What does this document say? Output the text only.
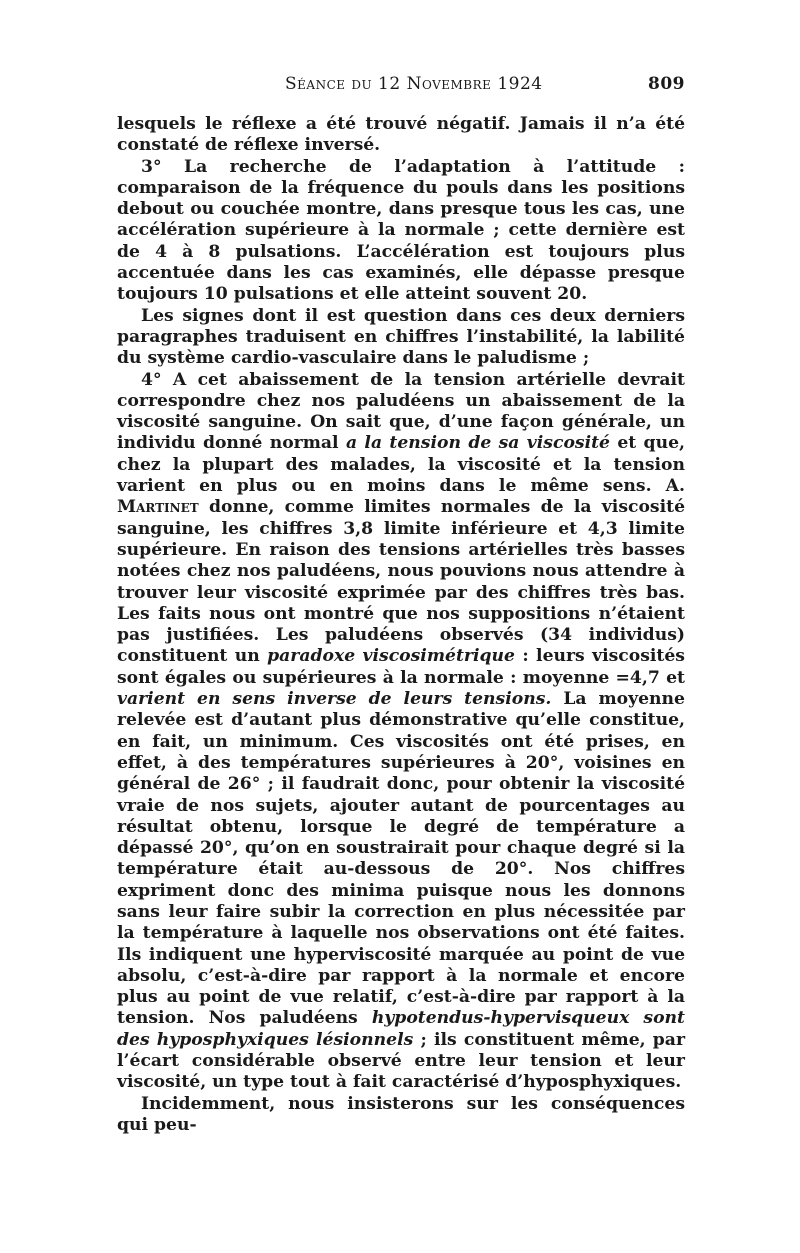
Séance du 12 Novembre 1924	809

lesquels le réflexe a été trouvé négatif. Jamais il n’a été constaté de réflexe inversé.

3° La recherche de l’adaptation à l’attitude : comparaison de la fréquence du pouls dans les positions debout ou couchée montre, dans presque tous les cas, une accélération supérieure à la normale ; cette dernière est de 4 à 8 pulsations. L’accélération est toujours plus accentuée dans les cas examinés, elle dépasse presque toujours 10 pulsations et elle atteint souvent 20.

Les signes dont il est question dans ces deux derniers paragraphes traduisent en chiffres l’instabilité, la labilité du système cardio-vasculaire dans le paludisme ;

4° A cet abaissement de la tension artérielle devrait correspondre chez nos paludéens un abaissement de la viscosité sanguine. On sait que, d’une façon générale, un individu donné normal a la tension de sa viscosité et que, chez la plupart des malades, la viscosité et la tension varient en plus ou en moins dans le même sens. A. Martinet donne, comme limites normales de la viscosité sanguine, les chiffres 3,8 limite inférieure et 4,3 limite supérieure. En raison des tensions artérielles très basses notées chez nos paludéens, nous pouvions nous attendre à trouver leur viscosité exprimée par des chiffres très bas. Les faits nous ont montré que nos suppositions n’étaient pas justifiées. Les paludéens observés (34 individus) constituent un paradoxe viscosimétrique : leurs viscosités sont égales ou supérieures à la normale : moyenne =4,7 et varient en sens inverse de leurs tensions. La moyenne relevée est d’autant plus démonstrative qu’elle constitue, en fait, un minimum. Ces viscosités ont été prises, en effet, à des températures supérieures à 20°, voisines en général de 26° ; il faudrait donc, pour obtenir la viscosité vraie de nos sujets, ajouter autant de pourcentages au résultat obtenu, lorsque le degré de température a dépassé 20°, qu’on en soustrairait pour chaque degré si la température était au-dessous de 20°. Nos chiffres expriment donc des minima puisque nous les donnons sans leur faire subir la correction en plus nécessitée par la température à laquelle nos observations ont été faites. Ils indiquent une hyperviscosité marquée au point de vue absolu, c’est-à-dire par rapport à la normale et encore plus au point de vue relatif, c’est-à-dire par rapport à la tension. Nos paludéens hypotendus-hypervisqueux sont des hyposphyxiques lésionnels ; ils constituent même, par l’écart considérable observé entre leur tension et leur viscosité, un type tout à fait caractérisé d’hyposphyxiques.

Incidemment, nous insisterons sur les conséquences qui peu-
